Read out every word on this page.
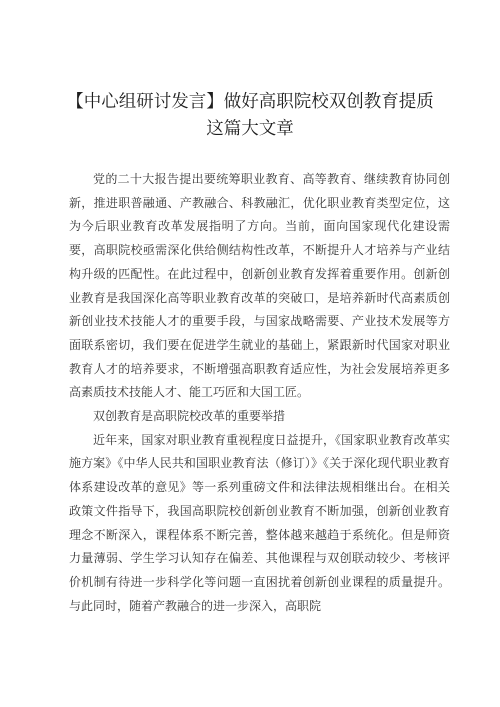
【中心组研讨发言】做好高职院校双创教育提质这篇大文章

党的二十大报告提出要统筹职业教育、高等教育、继续教育协同创新，推进职普融通、产教融合、科教融汇，优化职业教育类型定位，这为今后职业教育改革发展指明了方向。当前，面向国家现代化建设需要，高职院校亟需深化供给侧结构性改革，不断提升人才培养与产业结构升级的匹配性。在此过程中，创新创业教育发挥着重要作用。创新创业教育是我国深化高等职业教育改革的突破口，是培养新时代高素质创新创业技术技能人才的重要手段，与国家战略需要、产业技术发展等方面联系密切，我们要在促进学生就业的基础上，紧跟新时代国家对职业教育人才的培养要求，不断增强高职教育适应性，为社会发展培养更多高素质技术技能人才、能工巧匠和大国工匠。

双创教育是高职院校改革的重要举措

近年来，国家对职业教育重视程度日益提升，《国家职业教育改革实施方案》《中华人民共和国职业教育法（修订）》《关于深化现代职业教育体系建设改革的意见》等一系列重磅文件和法律法规相继出台。在相关政策文件指导下，我国高职院校创新创业教育不断加强，创新创业教育理念不断深入，课程体系不断完善，整体越来越趋于系统化。但是师资力量薄弱、学生学习认知存在偏差、其他课程与双创联动较少、考核评价机制有待进一步科学化等问题一直困扰着创新创业课程的质量提升。与此同时，随着产教融合的进一步深入，高职院
